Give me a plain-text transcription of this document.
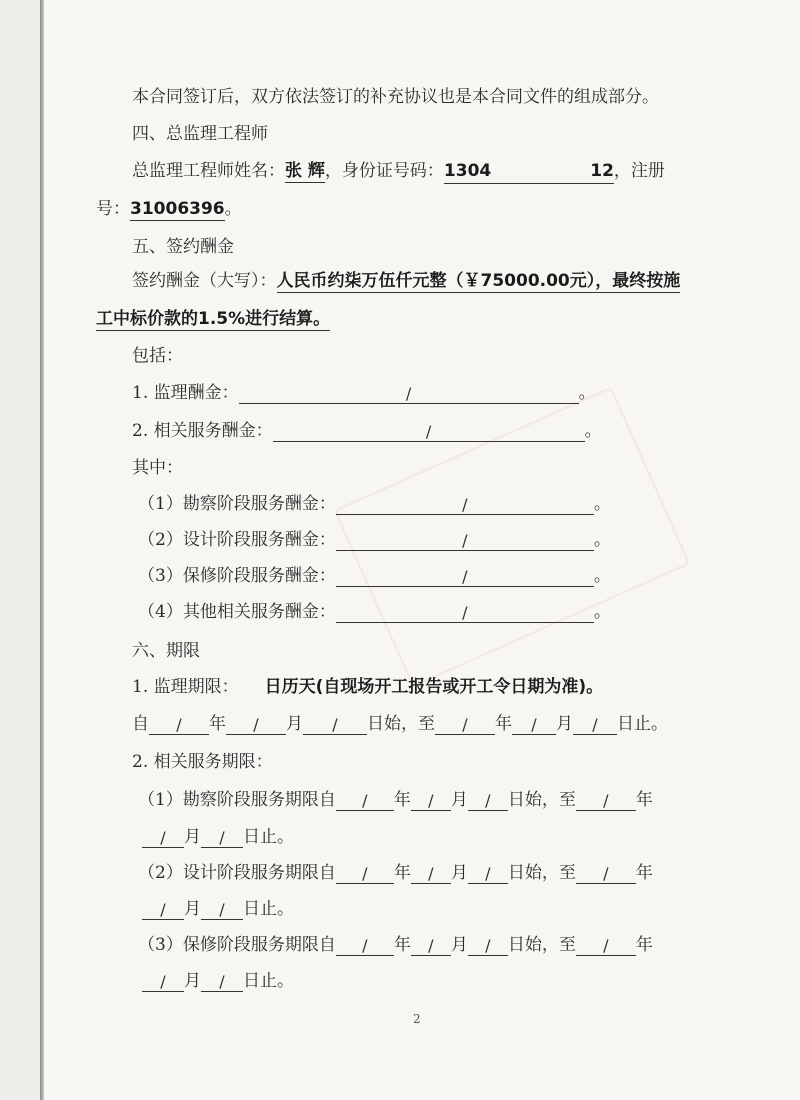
本合同签订后，双方依法签订的补充协议也是本合同文件的组成部分。
四、总监理工程师
总监理工程师姓名：张 辉，身份证号码：1304	12 ，注册
号：31006396。
五、签约酬金
签约酬金（大写）：人民币约柒万伍仟元整（￥75000.00元），最终按施
工中标价款的1.5%进行结算。
包括：
1. 监理酬金：	/	。
2. 相关服务酬金：	/	。
其中：
（1）勘察阶段服务酬金：	/	。
（2）设计阶段服务酬金：	/	。
（3）保修阶段服务酬金：	/	。
（4）其他相关服务酬金：	/	。
六、期限
1. 监理期限： 日历天(自现场开工报告或开工令日期为准)。
自 / 年 / 月 / 日始，至 / 年 / 月 / 日止。
2. 相关服务期限：
（1）勘察阶段服务期限自 / 年 / 月 / 日始，至 / 年
/ 月 / 日止。
（2）设计阶段服务期限自 / 年 / 月 / 日始，至 / 年
/ 月 / 日止。
（3）保修阶段服务期限自 / 年 / 月 / 日始，至 / 年
/ 月 / 日止。
2
